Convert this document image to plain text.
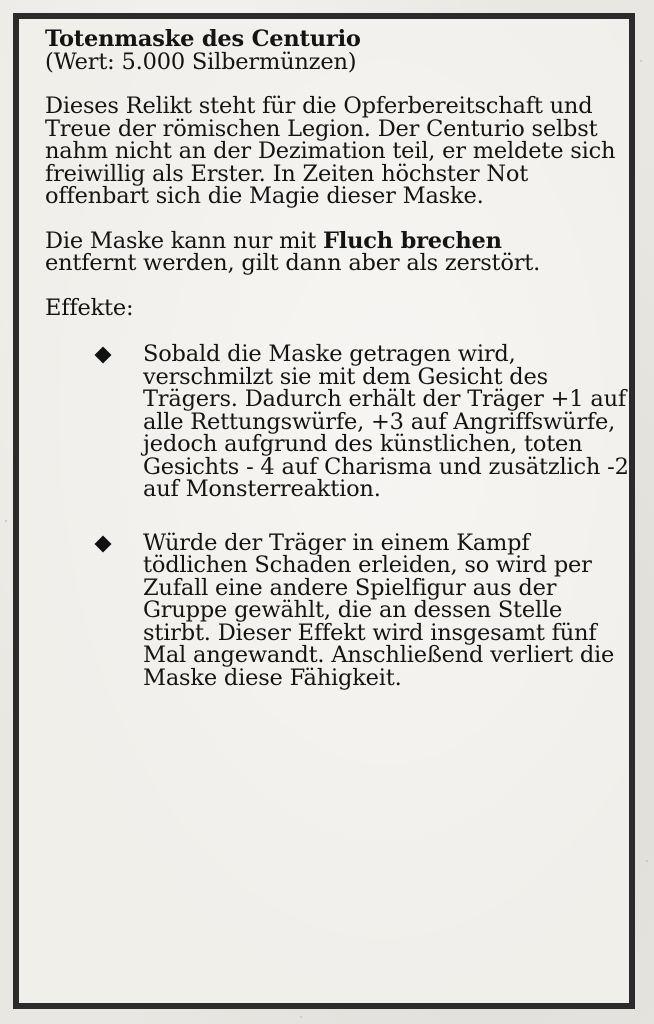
Totenmaske des Centurio

(Wert: 5.000 Silbermünzen)

Dieses Relikt steht für die Opferbereitschaft und Treue der römischen Legion. Der Centurio selbst nahm nicht an der Dezimation teil, er meldete sich freiwillig als Erster. In Zeiten höchster Not offenbart sich die Magie dieser Maske.

Die Maske kann nur mit Fluch brechen
entfernt werden, gilt dann aber als zerstört.

Effekte:

Sobald die Maske getragen wird, verschmilzt sie mit dem Gesicht des Trägers. Dadurch erhält der Träger +1 auf alle Rettungswürfe, +3 auf Angriffswürfe, jedoch aufgrund des künstlichen, toten Gesichts - 4 auf Charisma und zusätzlich -2 auf Monsterreaktion.
Würde der Träger in einem Kampf tödlichen Schaden erleiden, so wird per Zufall eine andere Spielfigur aus der Gruppe gewählt, die an dessen Stelle stirbt. Dieser Effekt wird insgesamt fünf Mal angewandt. Anschließend verliert die Maske diese Fähigkeit.
